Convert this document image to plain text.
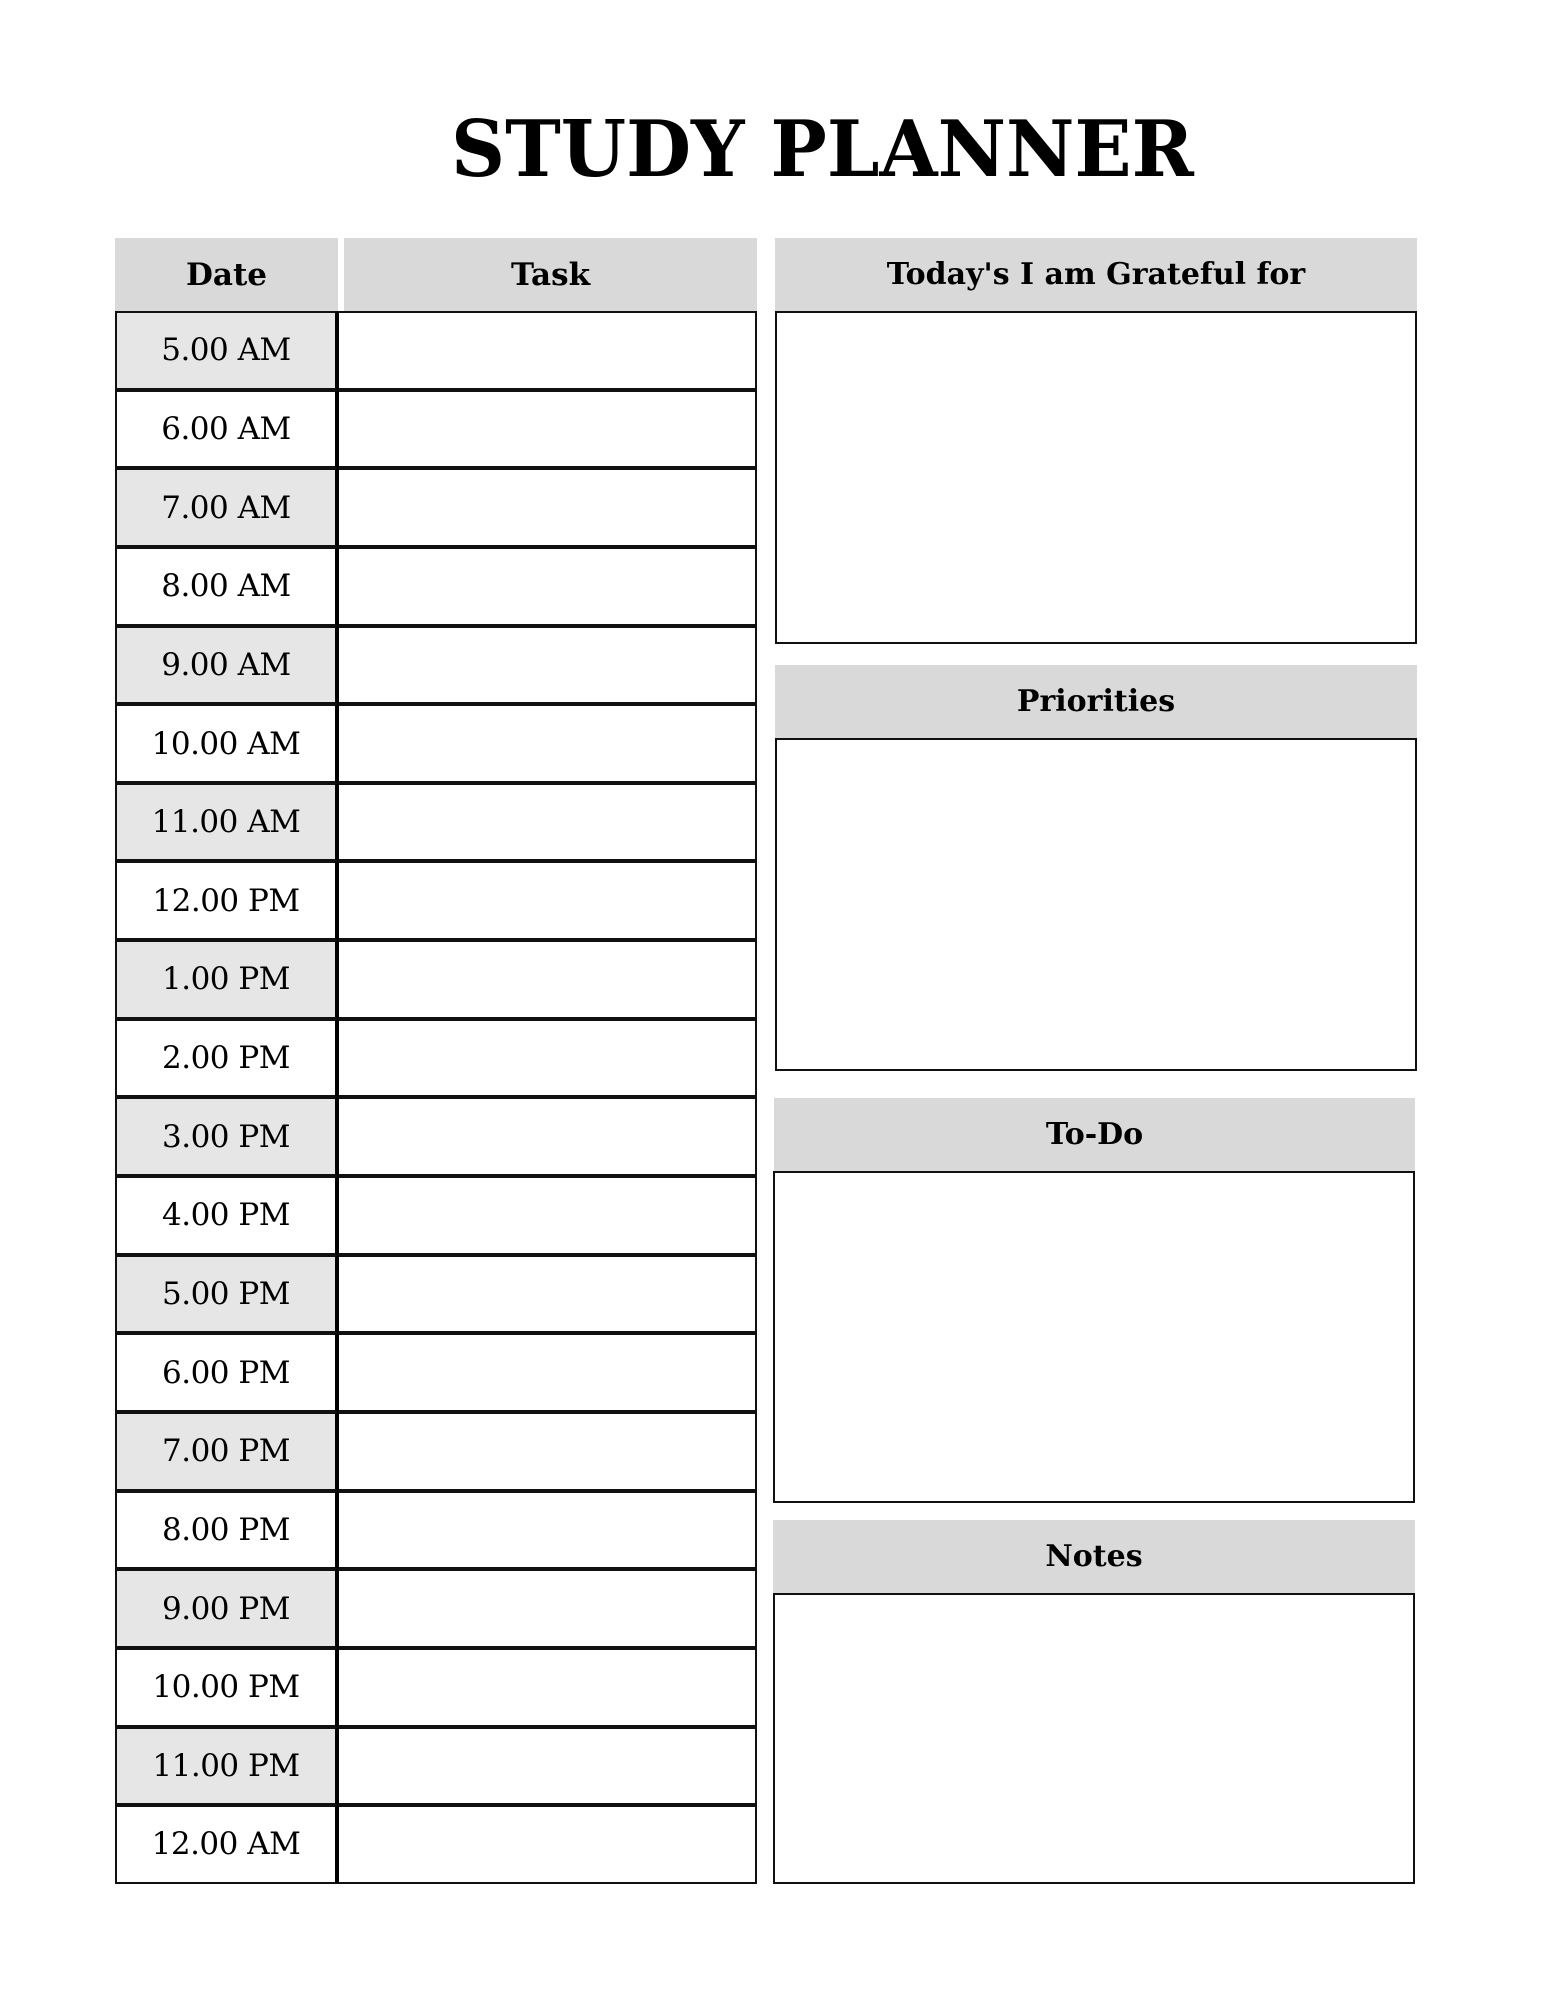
STUDY PLANNER
Date	Task
5.00 AM
6.00 AM
7.00 AM
8.00 AM
9.00 AM
10.00 AM
11.00 AM
12.00 PM
1.00 PM
2.00 PM
3.00 PM
4.00 PM
5.00 PM
6.00 PM
7.00 PM
8.00 PM
9.00 PM
10.00 PM
11.00 PM
12.00 AM
Today's I am Grateful for
Priorities
To-Do
Notes
